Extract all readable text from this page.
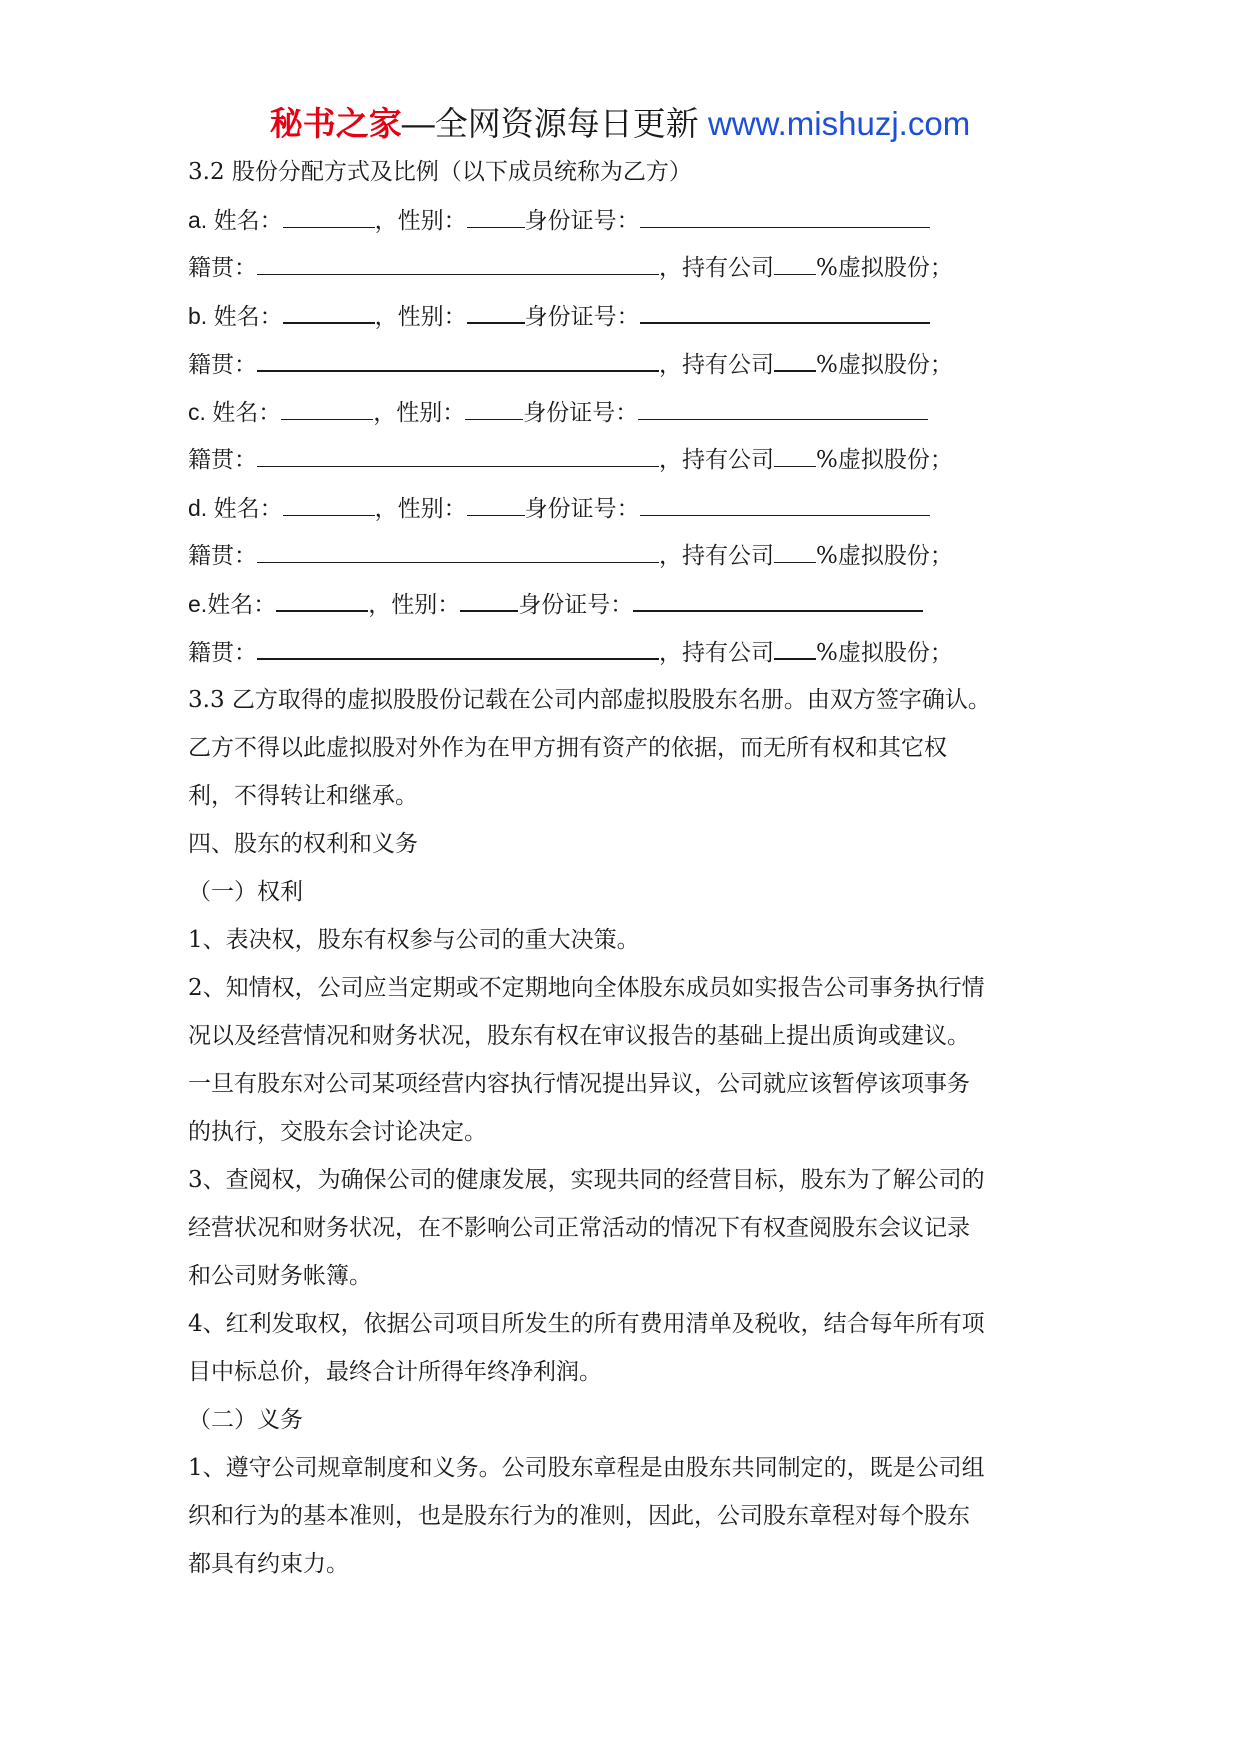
秘书之家—全网资源每日更新 www.mishuzj.com
3.2 股份分配方式及比例（以下成员统称为乙方）
a. 姓名：	，性别：	身份证号：
籍贯：	，持有公司 %虚拟股份；
b. 姓名：	，性别：	身份证号：
籍贯：	，持有公司 %虚拟股份；
c. 姓名：	，性别：	身份证号：
籍贯：	，持有公司 %虚拟股份；
d. 姓名：	，性别：	身份证号：
籍贯：	，持有公司 %虚拟股份；
e.姓名：	，性别：	身份证号：
籍贯：	，持有公司 %虚拟股份；
3.3 乙方取得的虚拟股股份记载在公司内部虚拟股股东名册。由双方签字确认。
乙方不得以此虚拟股对外作为在甲方拥有资产的依据，而无所有权和其它权
利，不得转让和继承。
四、股东的权利和义务
（一）权利
1、表决权，股东有权参与公司的重大决策。
2、知情权，公司应当定期或不定期地向全体股东成员如实报告公司事务执行情
况以及经营情况和财务状况，股东有权在审议报告的基础上提出质询或建议。
一旦有股东对公司某项经营内容执行情况提出异议，公司就应该暂停该项事务
的执行，交股东会讨论决定。
3、查阅权，为确保公司的健康发展，实现共同的经营目标，股东为了解公司的
经营状况和财务状况，在不影响公司正常活动的情况下有权查阅股东会议记录
和公司财务帐簿。
4、红利发取权，依据公司项目所发生的所有费用清单及税收，结合每年所有项
目中标总价，最终合计所得年终净利润。
（二）义务
1、遵守公司规章制度和义务。公司股东章程是由股东共同制定的，既是公司组
织和行为的基本准则，也是股东行为的准则，因此，公司股东章程对每个股东
都具有约束力。
